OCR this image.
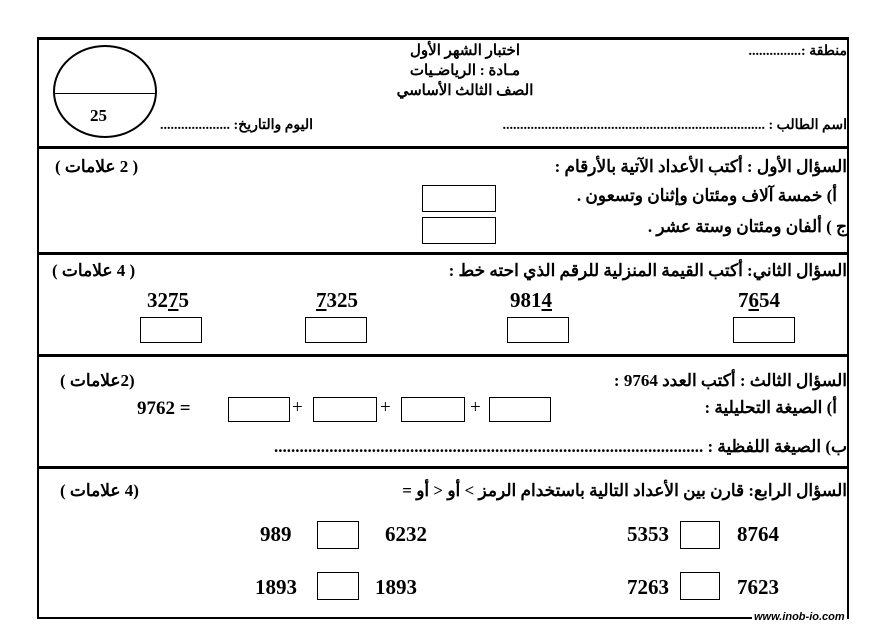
25
منطقة :...............
اختبار الشهر الأول
مـادة : الرياضـيات
الصف الثالث الأساسي
اسم الطالب : ...........................................................................
اليوم والتاريخ: ....................
السؤال الأول : أكتب الأعداد الآتية بالأرقام :
( 2 علامات )
أ) خمسة آلاف ومئتان وإثنان وتسعون .
ج ) ألفان ومئتان وستة عشر .
السؤال الثاني: أكتب القيمة المنزلية للرقم الذي احته خط :
( 4 علامات )
7654
9814
7325
3275
السؤال الثالث : أكتب العدد 9764 :
(2علامات )
أ) الصيغة التحليلية :
9762 =	+	+	+
ب) الصيغة اللفظية : .....................................................................................................
السؤال الرابع: قارن بين الأعداد التالية باستخدام الرمز > أو < أو =
(4 علامات )
5353	8764
989	6232
7263	7623
1893	1893
www.inob-io.com
